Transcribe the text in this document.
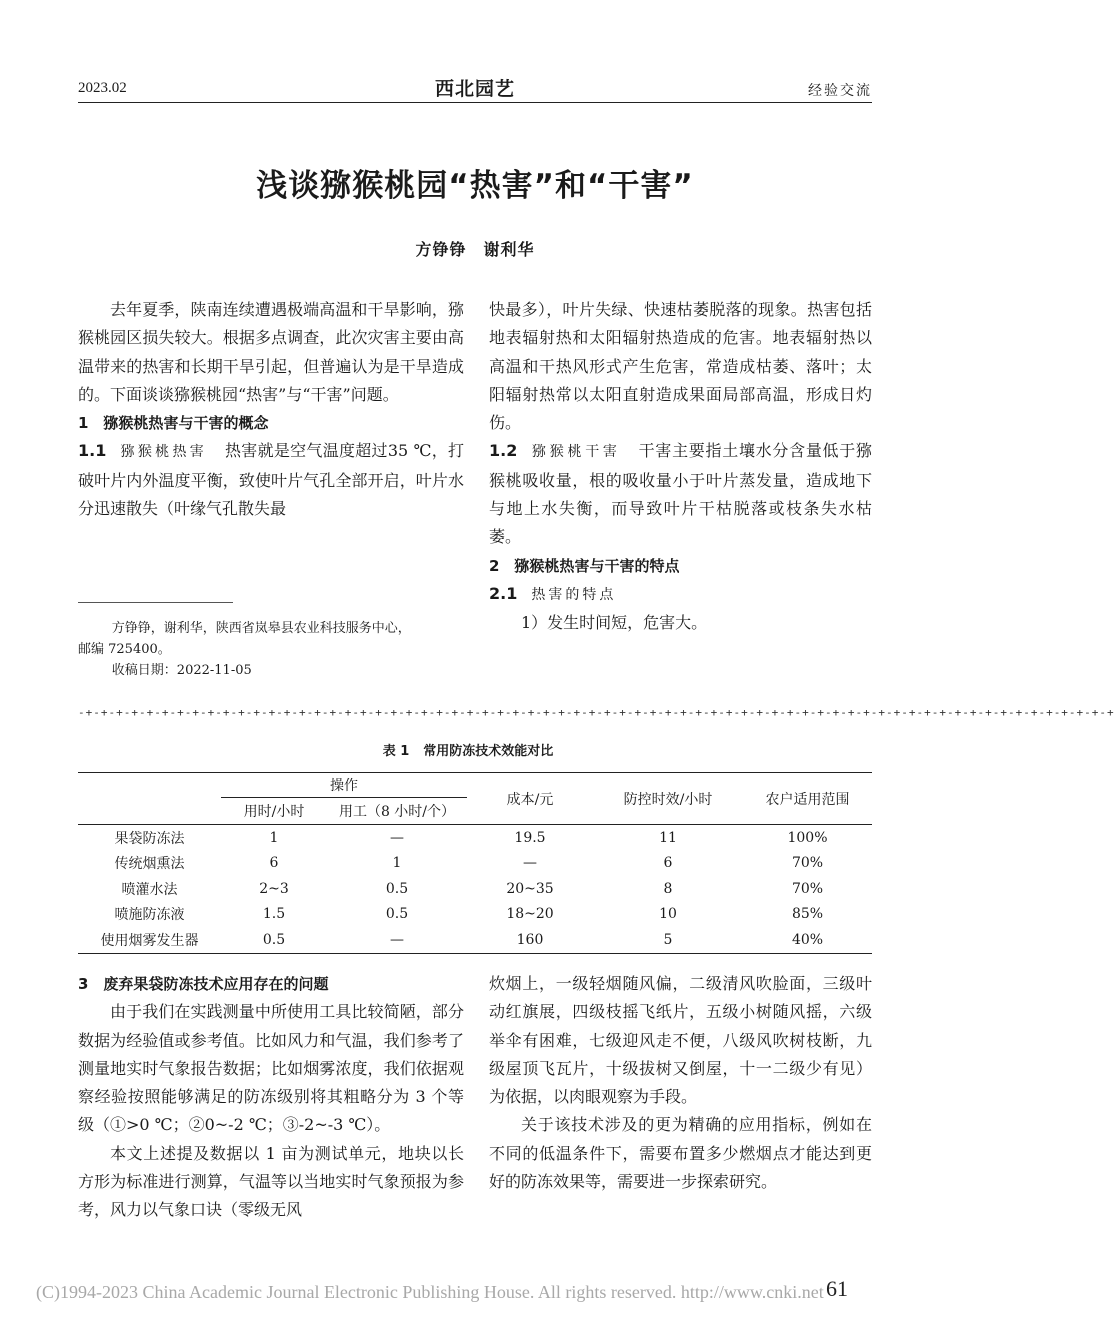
2023.02	西北园艺	经验交流
浅谈猕猴桃园“热害”和“干害”
方铮铮　谢利华

去年夏季，陕南连续遭遇极端高温和干旱影响，猕猴桃园区损失较大。根据多点调查，此次灾害主要由高温带来的热害和长期干旱引起，但普遍认为是干旱造成的。下面谈谈猕猴桃园“热害”与“干害”问题。

1　猕猴桃热害与干害的概念

1.1 猕猴桃热害 热害就是空气温度超过35 ℃，打破叶片内外温度平衡，致使叶片气孔全部开启，叶片水分迅速散失（叶缘气孔散失最

方铮铮，谢利华，陕西省岚皋县农业科技服务中心，

邮编 725400。

收稿日期：2022-11-05

快最多），叶片失绿、快速枯萎脱落的现象。热害包括地表辐射热和太阳辐射热造成的危害。地表辐射热以高温和干热风形式产生危害，常造成枯萎、落叶；太阳辐射热常以太阳直射造成果面局部高温，形成日灼伤。

1.2 猕猴桃干害 干害主要指土壤水分含量低于猕猴桃吸收量，根的吸收量小于叶片蒸发量，造成地下与地上水失衡，而导致叶片干枯脱落或枝条失水枯萎。

2　猕猴桃热害与干害的特点

2.1 热害的特点

1）发生时间短，危害大。

-+-+-+-+-+-+-+-+-+-+-+-+-+-+-+-+-+-+-+-+-+-+-+-+-+-+-+-+-+-+-+-+-+-+-+-+-+-+-+-+-+-+-+-+-+-+-+-+-+-+-+-+-+-+-+-+-+-+-+-+-+-+-+-+-+-+-+-+
表 1 常用防冻技术效能对比
	操作		成本/元	防控时效/小时	农户适用范围
	用时/小时	用工（8 小时/个）			
果袋防冻法	1	—	19.5	11	100%
传统烟熏法	6	1	—	6	70%
喷灌水法	2~3	0.5	20~35	8	70%
喷施防冻液	1.5	0.5	18~20	10	85%
使用烟雾发生器	0.5	—	160	5	40%

3　废弃果袋防冻技术应用存在的问题

由于我们在实践测量中所使用工具比较简陋，部分数据为经验值或参考值。比如风力和气温，我们参考了测量地实时气象报告数据；比如烟雾浓度，我们依据观察经验按照能够满足的防冻级别将其粗略分为 3 个等级（①>0 ℃；②0~-2 ℃；③-2~-3 ℃）。

本文上述提及数据以 1 亩为测试单元，地块以长方形为标准进行测算，气温等以当地实时气象预报为参考，风力以气象口诀（零级无风

炊烟上，一级轻烟随风偏，二级清风吹脸面，三级叶动红旗展，四级枝摇飞纸片，五级小树随风摇，六级举伞有困难，七级迎风走不便，八级风吹树枝断，九级屋顶飞瓦片，十级拔树又倒屋，十一二级少有见）为依据，以肉眼观察为手段。

关于该技术涉及的更为精确的应用指标，例如在不同的低温条件下，需要布置多少燃烟点才能达到更好的防冻效果等，需要进一步探索研究。

(C)1994-2023 China Academic Journal Electronic Publishing House. All rights reserved. http://www.cnki.net 61
